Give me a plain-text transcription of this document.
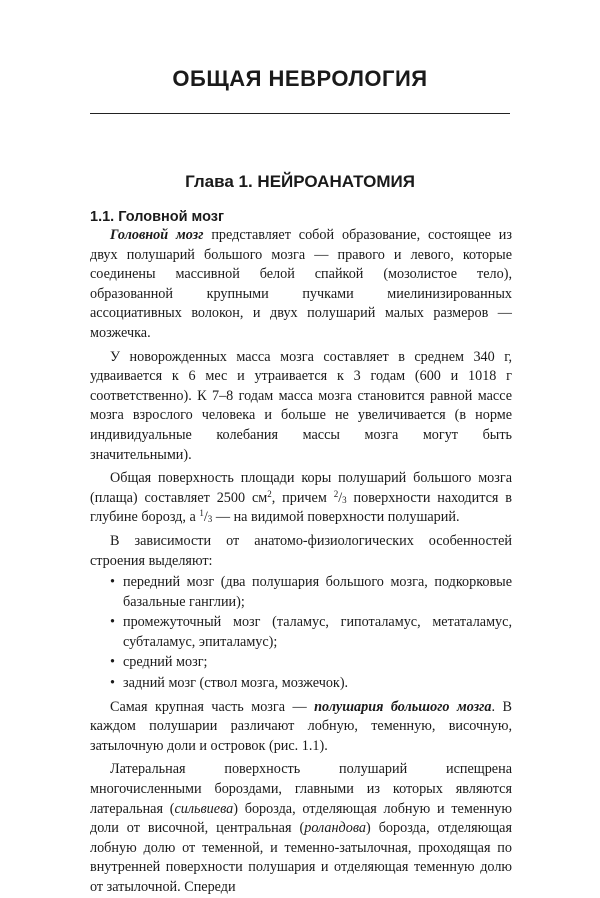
ОБЩАЯ НЕВРОЛОГИЯ
Глава 1. НЕЙРОАНАТОМИЯ
1.1. Головной мозг

Головной мозг представляет собой образование, состоящее из двух полушарий большого мозга — правого и левого, которые соединены массивной белой спайкой (мозолистое тело), образованной крупными пучками миелинизированных ассоциативных волокон, и двух полушарий малых размеров — мозжечка.

У новорожденных масса мозга составляет в среднем 340 г, удваивается к 6 мес и утраивается к 3 годам (600 и 1018 г соответственно). К 7–8 годам масса мозга становится равной массе мозга взрослого человека и больше не увеличивается (в норме индивидуальные колебания массы мозга могут быть значительными).

Общая поверхность площади коры полушарий большого мозга (плаща) составляет 2500 $см^2$, причем $^2/_3$ поверхности находится в глубине борозд, а $^1/_3$ — на видимой поверхности полушарий.

В зависимости от анатомо-физиологических особенностей строения выделяют:

• передний мозг (два полушария большого мозга, подкорковые базальные ганглии);
• промежуточный мозг (таламус, гипоталамус, метаталамус, субталамус, эпиталамус);
• средний мозг;
• задний мозг (ствол мозга, мозжечок).

Самая крупная часть мозга — полушария большого мозга. В каждом полушарии различают лобную, теменную, височную, затылочную доли и островок (рис. 1.1).

Латеральная поверхность полушарий испещрена многочисленными бороздами, главными из которых являются латеральная (сильвиева) борозда, отделяющая лобную и теменную доли от височной, центральная (роландова) борозда, отделяющая лобную долю от теменной, и теменно-затылочная, проходящая по внутренней поверхности полушария и отделяющая теменную долю от затылочной. Спереди
